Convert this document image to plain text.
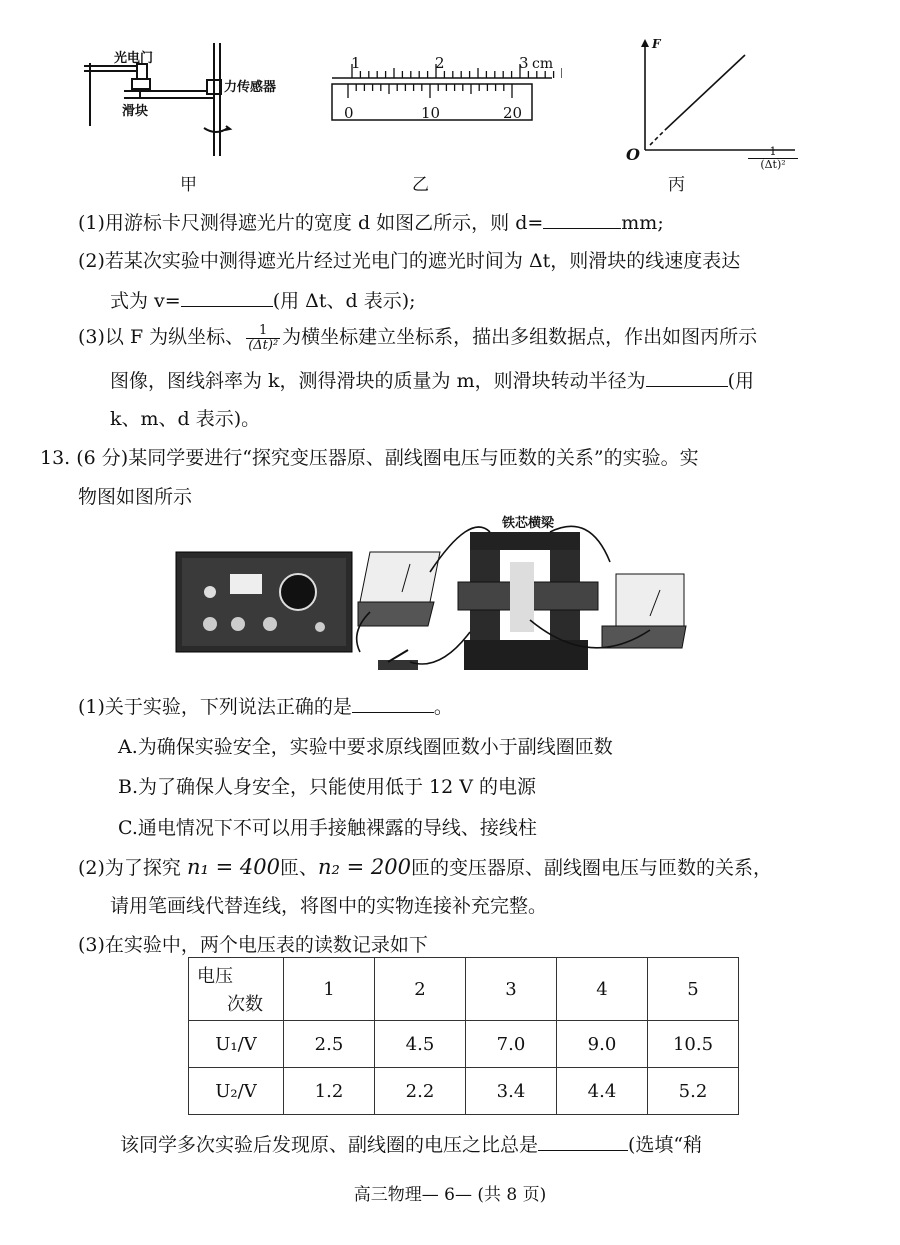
光电门
力传感器
滑块
甲
1	2	3 cm
0	10	20
乙
F
O	1
(Δt)²
丙
(1)用游标卡尺测得遮光片的宽度 d 如图乙所示，则 d=	mm;
(2)若某次实验中测得遮光片经过光电门的遮光时间为 Δt，则滑块的线速度表达
式为 v=	(用 Δt、d 表示);
(3)以 F 为纵坐标、 $\frac{1}{\text{(Δt)²}}$ 为横坐标建立坐标系，描出多组数据点，作出如图丙所示
图像，图线斜率为 k，测得滑块的质量为 m，则滑块转动半径为	(用
k、m、d 表示)。
13. (6 分)某同学要进行“探究变压器原、副线圈电压与匝数的关系”的实验。实
物图如图所示
铁芯横梁
(1)关于实验，下列说法正确的是	。
A.为确保实验安全，实验中要求原线圈匝数小于副线圈匝数
B.为了确保人身安全，只能使用低于 12 V 的电源
C.通电情况下不可以用手接触裸露的导线、接线柱
(2)为了探究 n₁ = 400匝、n₂ = 200匝的变压器原、副线圈电压与匝数的关系，
请用笔画线代替连线，将图中的实物连接补充完整。
(3)在实验中，两个电压表的读数记录如下
电压
次数	1	2	3	4	5
U₁/V	2.5	4.5	7.0	9.0	10.5
U₂/V	1.2	2.2	3.4	4.4	5.2
该同学多次实验后发现原、副线圈的电压之比总是	(选填“稍
高三物理— 6— (共 8 页)
